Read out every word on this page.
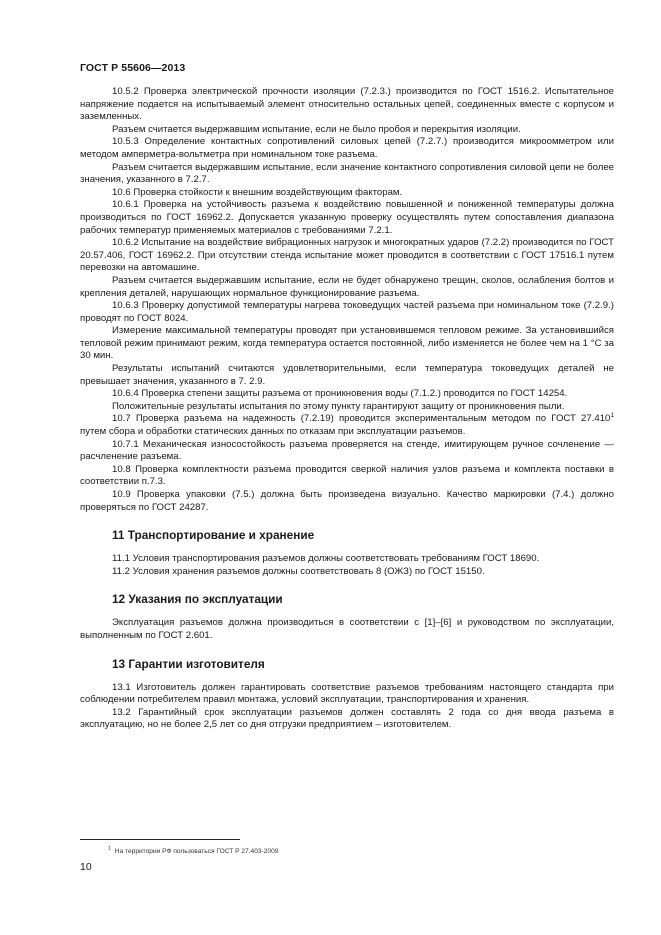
ГОСТ Р 55606—2013

10.5.2 Проверка электрической прочности изоляции (7.2.3.) производится по ГОСТ 1516.2. Испытательное напряжение подается на испытываемый элемент относительно остальных цепей, соединенных вместе с корпусом и заземленных.

Разъем считается выдержавшим испытание, если не было пробоя и перекрытия изоляции.

10.5.3 Определение контактных сопротивлений силовых цепей (7.2.7.) производится микроомметром или методом амперметра-вольтметра при номинальном токе разъема.

Разъем считается выдержавшим испытание, если значение контактного сопротивления силовой цепи не более значения, указанного в 7.2.7.

10.6 Проверка стойкости к внешним воздействующим факторам.

10.6.1 Проверка на устойчивость разъема к воздействию повышенной и пониженной температуры должна производиться по ГОСТ 16962.2. Допускается указанную проверку осуществлять путем сопоставления диапазона рабочих температур применяемых материалов с требованиями 7.2.1.

10.6.2 Испытание на воздействие вибрационных нагрузок и многократных ударов (7.2.2) производится по ГОСТ 20.57.406, ГОСТ 16962.2. При отсутствии стенда испытание может проводится в соответствии с ГОСТ 17516.1 путем перевозки на автомашине.

Разъем считается выдержавшим испытание, если не будет обнаружено трещин, сколов, ослабления болтов и крепления деталей, нарушающих нормальное функционирование разъема.

10.6.3 Проверку допустимой температуры нагрева токоведущих частей разъема при номинальном токе (7.2.9.) проводят по ГОСТ 8024.

Измерение максимальной температуры проводят при установившемся тепловом режиме. За установившийся тепловой режим принимают режим, когда температура остается постоянной, либо изменяется не более чем на 1 °С за 30 мин.

Результаты испытаний считаются удовлетворительными, если температура токоведущих деталей не превышает значения, указанного в 7. 2.9.

10.6.4 Проверка степени защиты разъема от проникновения воды (7.1.2.) проводится по ГОСТ 14254.

Положительные результаты испытания по этому пункту гарантируют защиту от проникновения пыли.

10.7 Проверка разъема на надежность (7.2.19) проводится экспериментальным методом по ГОСТ 27.410$^1$ путем сбора и обработки статических данных по отказам при эксплуатации разъемов.

10.7.1 Механическая износостойкость разъема проверяется на стенде, имитирующем ручное сочленение — расчленение разъема.

10.8 Проверка комплектности разъема проводится сверкой наличия узлов разъема и комплекта поставки в соответствии п.7.3.

10.9 Проверка упаковки (7.5.) должна быть произведена визуально. Качество маркировки (7.4.) должно проверяться по ГОСТ 24287.

11 Транспортирование и хранение

11.1 Условия транспортирования разъемов должны соответствовать требованиям ГОСТ 18690.

11.2 Условия хранения разъемов должны соответствовать 8 (ОЖЗ) по ГОСТ 15150.

12 Указания по эксплуатации

Эксплуатация разъемов должна производиться в соответствии с [1]–[6] и руководством по эксплуатации, выполненным по ГОСТ 2.601.

13 Гарантии изготовителя

13.1 Изготовитель должен гарантировать соответствие разъемов требованиям настоящего стандарта при соблюдении потребителем правил монтажа, условий эксплуатации, транспортирования и хранения.

13.2 Гарантийный срок эксплуатации разъемов должен составлять 2 года со дня ввода разъема в эксплуатацию, но не более 2,5 лет со дня отгрузки предприятием – изготовителем.

$^1$ На территории РФ пользоваться ГОСТ Р 27.403-2009
10
